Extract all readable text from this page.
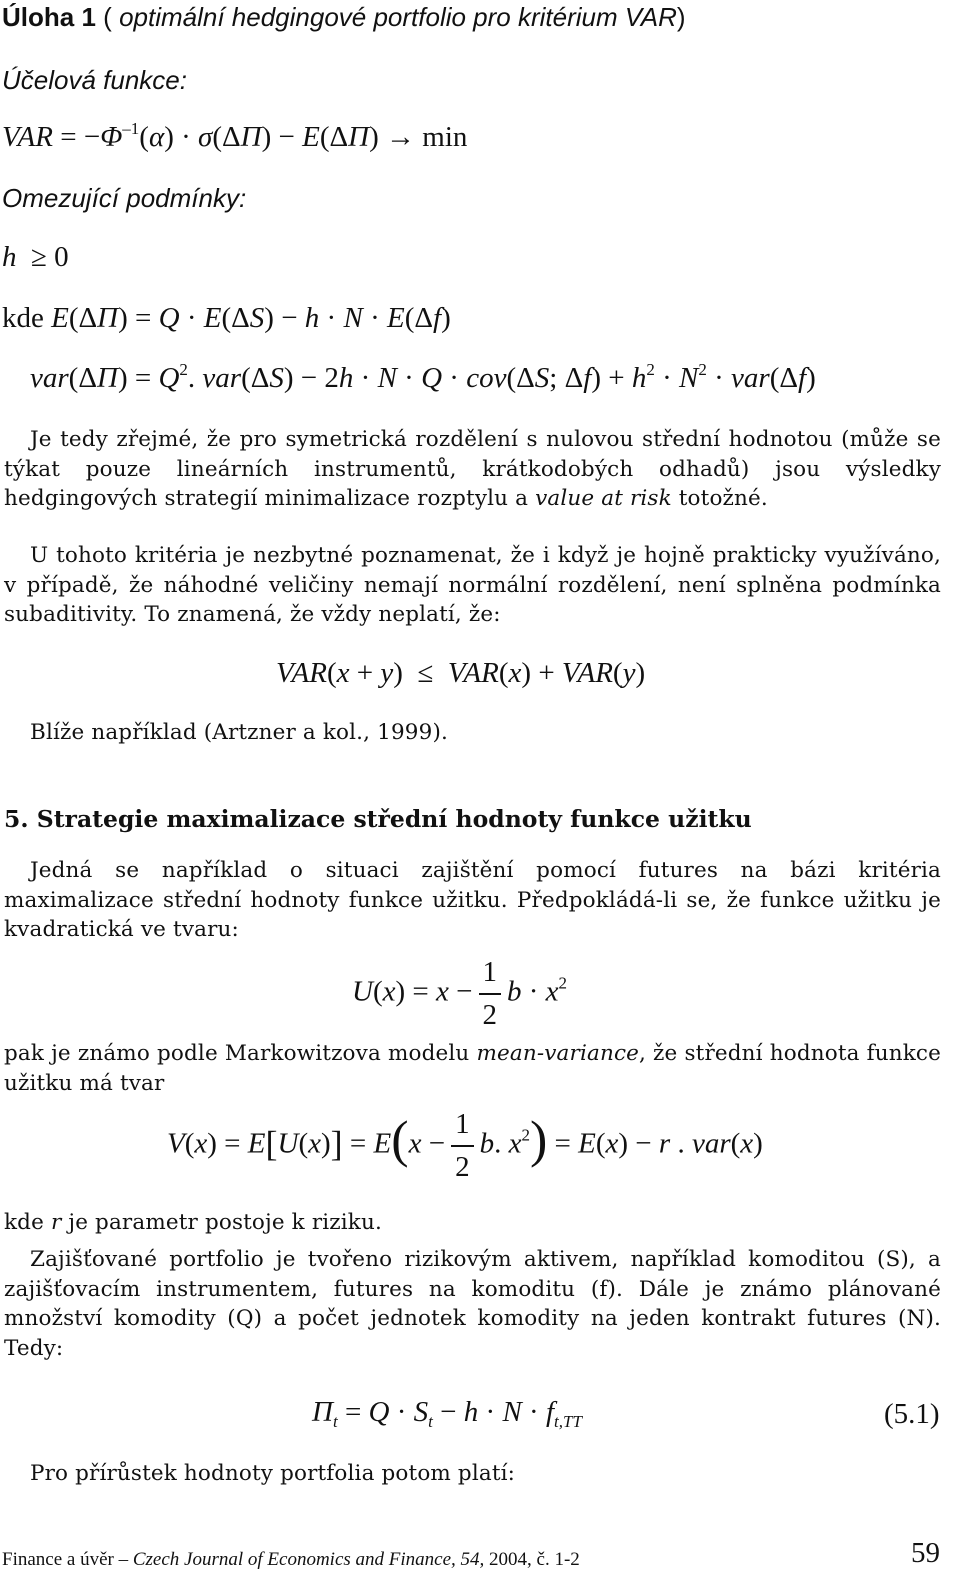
Úloha 1 ( optimální hedgingové portfolio pro kritérium VAR)
Účelová funkce:
VAR = $-\Phi^{-1}(\alpha) \cdot \sigma(\Delta\Pi) - E(\Delta\Pi) \to \min$
Omezující podmínky:
h  ≥ 0
kde E(ΔΠ) = Q · E(ΔS) − h · N · E(Δf)
$var(\Delta\Pi) = Q^2$. var(ΔS) − 2h · N · Q · cov(ΔS; $\Delta f) + h^2 \cdot N^2 \cdot var(\Delta f)$
Je tedy zřejmé, že pro symetrická rozdělení s nulovou střední hodnotou (může se týkat pouze lineárních instrumentů, krátkodobých odhadů) jsou výsledky hedgingových strategií minimalizace rozptylu a value at risk totožné.
U tohoto kritéria je nezbytné poznamenat, že i když je hojně prakticky využíváno, v případě, že náhodné veličiny nemají normální rozdělení, není splněna podmínka subaditivity. To znamená, že vždy neplatí, že:
VAR(x + y)  ≤  VAR(x) + VAR(y)
Blíže například (Artzner a kol., 1999).
5. Strategie maximalizace střední hodnoty funkce užitku
Jedná se například o situaci zajištění pomocí futures na bázi kritéria maximalizace střední hodnoty funkce užitku. Předpokládá-li se, že funkce užitku je kvadratická ve tvaru:
$U(x) = x - \frac{1}{2}$ $b \cdot x^2$
pak je známo podle Markowitzova modelu mean-variance, že střední hodnota funkce užitku má tvar
$V(x) = E[U(x)] = E(x - \frac{1}{2} b$. $x^2) = E(x) - r$ . var(x)
kde r je parametr postoje k riziku.
Zajišťované portfolio je tvořeno rizikovým aktivem, například komoditou (S), a zajišťovacím instrumentem, futures na komoditu (f). Dále je známo plánované množství komodity (Q) a počet jednotek komodity na jeden kontrakt futures (N). Tedy:
$\Pi_t = Q \cdot S_t - h \cdot N \cdot f_{t,TT}$	(5.1)
Pro přírůstek hodnoty portfolia potom platí:
Finance a úvěr – Czech Journal of Economics and Finance, 54, 2004, č. 1-2	59
